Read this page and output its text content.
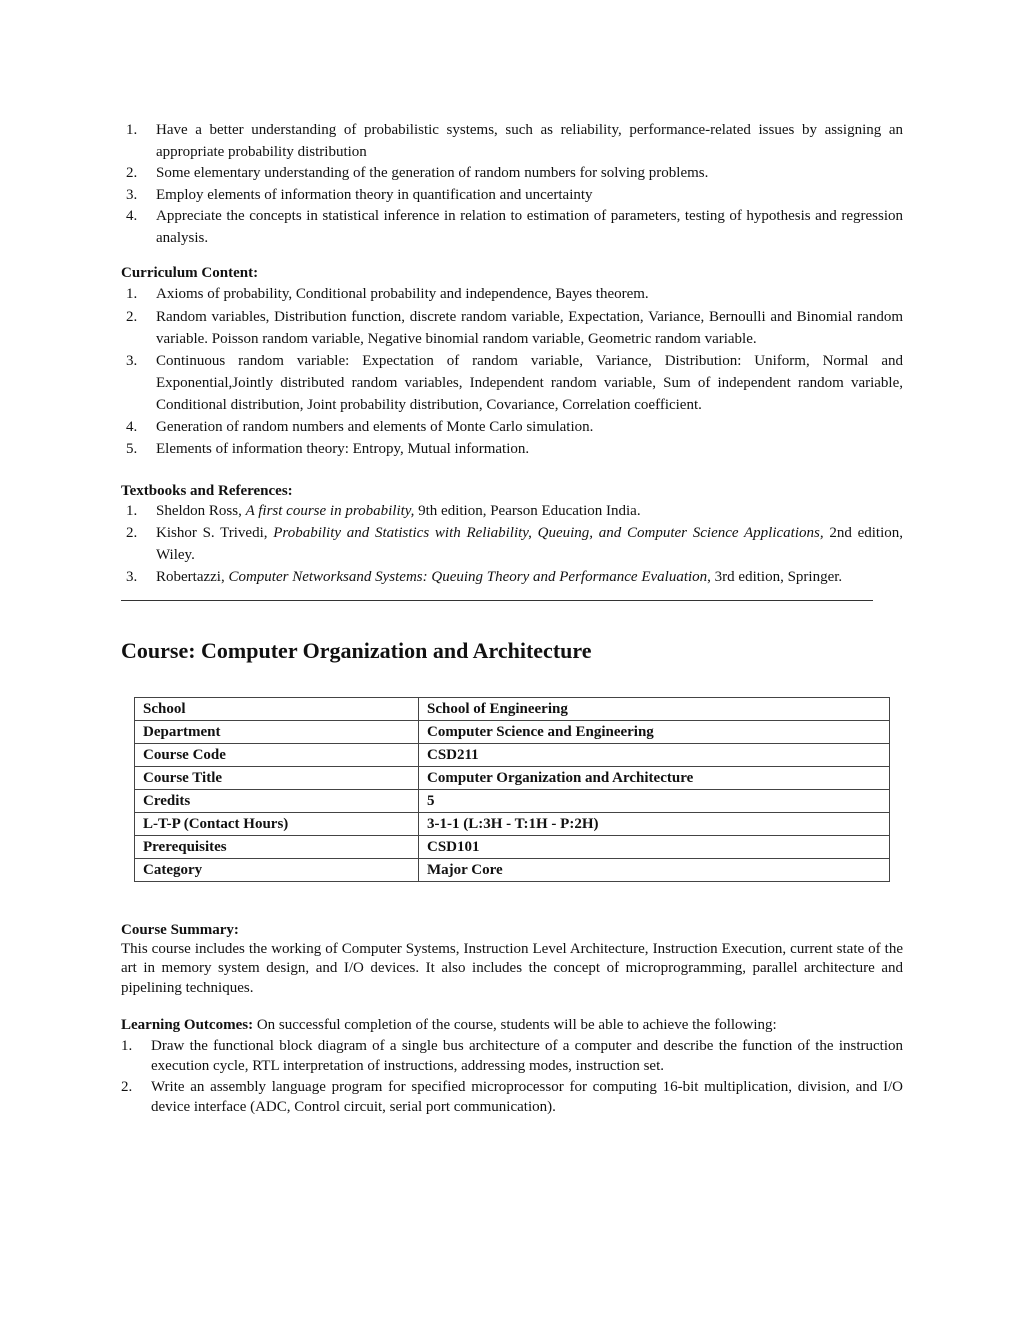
1. Have a better understanding of probabilistic systems, such as reliability, performance-related issues by assigning an appropriate probability distribution
2. Some elementary understanding of the generation of random numbers for solving problems.
3. Employ elements of information theory in quantification and uncertainty
4. Appreciate the concepts in statistical inference in relation to estimation of parameters, testing of hypothesis and regression analysis.
Curriculum Content:
1. Axioms of probability, Conditional probability and independence, Bayes theorem.
2. Random variables, Distribution function, discrete random variable, Expectation, Variance, Bernoulli and Binomial random variable. Poisson random variable, Negative binomial random variable, Geometric random variable.
3. Continuous random variable: Expectation of random variable, Variance, Distribution: Uniform, Normal and Exponential,Jointly distributed random variables, Independent random variable, Sum of independent random variable, Conditional distribution, Joint probability distribution, Covariance, Correlation coefficient.
4. Generation of random numbers and elements of Monte Carlo simulation.
5. Elements of information theory: Entropy, Mutual information.
Textbooks and References:
1. Sheldon Ross, A first course in probability, 9th edition, Pearson Education India.
2. Kishor S. Trivedi, Probability and Statistics with Reliability, Queuing, and Computer Science Applications, 2nd edition, Wiley.
3. Robertazzi, Computer Networksand Systems: Queuing Theory and Performance Evaluation, 3rd edition, Springer.
Course: Computer Organization and Architecture
School	School of Engineering
Department	Computer Science and Engineering
Course Code	CSD211
Course Title	Computer Organization and Architecture
Credits	5
L-T-P (Contact Hours)	3-1-1 (L:3H - T:1H - P:2H)
Prerequisites	CSD101
Category	Major Core
Course Summary:
This course includes the working of Computer Systems, Instruction Level Architecture, Instruction Execution, current state of the art in memory system design, and I/O devices. It also includes the concept of microprogramming, parallel architecture and pipelining techniques.
Learning Outcomes: On successful completion of the course, students will be able to achieve the following:
1. Draw the functional block diagram of a single bus architecture of a computer and describe the function of the instruction execution cycle, RTL interpretation of instructions, addressing modes, instruction set.
2. Write an assembly language program for specified microprocessor for computing 16-bit multiplication, division, and I/O device interface (ADC, Control circuit, serial port communication).
